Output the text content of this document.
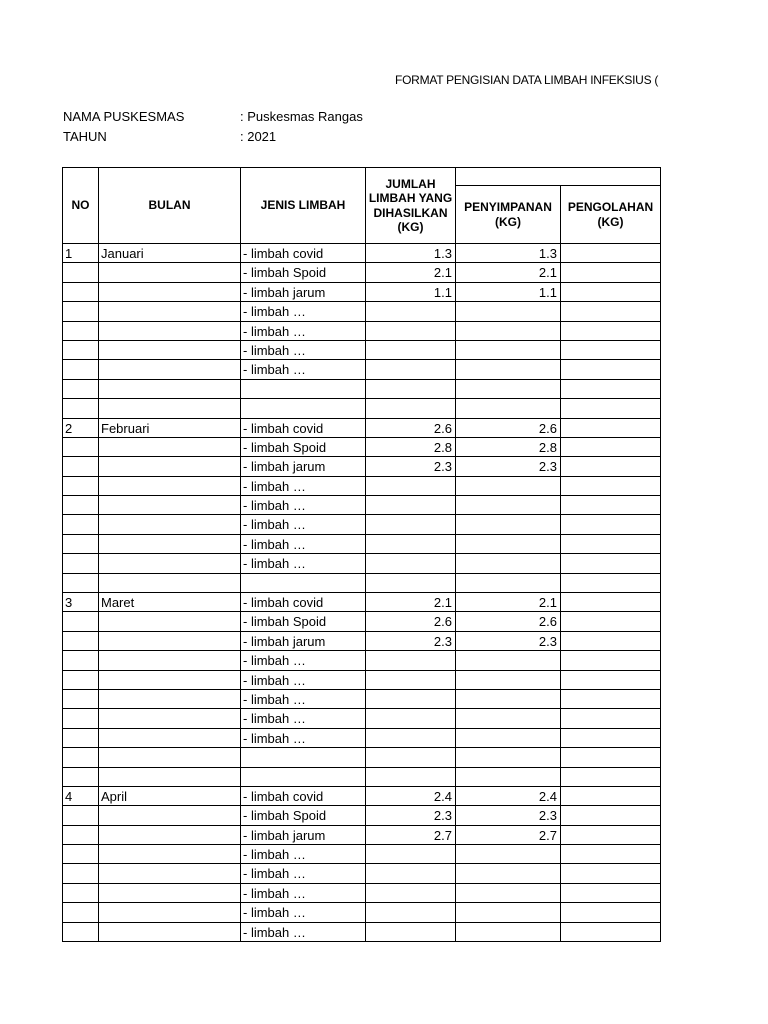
FORMAT PENGISIAN DATA LIMBAH INFEKSIUS (
NAMA PUSKESMAS	: Puskesmas Rangas
TAHUN	: 2021
NO	BULAN	JENIS LIMBAH	JUMLAH LIMBAH YANG DIHASILKAN (KG)		
				PENYIMPANAN (KG)	PENGOLAHAN (KG)
1	Januari	- limbah covid	1.3	1.3	
		- limbah Spoid	2.1	2.1	
		- limbah jarum	1.1	1.1	
		- limbah …			
		- limbah …			
		- limbah …			
		- limbah …			

2	Februari	- limbah covid	2.6	2.6	
		- limbah Spoid	2.8	2.8	
		- limbah jarum	2.3	2.3	
		- limbah …			
		- limbah …			
		- limbah …			
		- limbah …			
		- limbah …			

3	Maret	- limbah covid	2.1	2.1	
		- limbah Spoid	2.6	2.6	
		- limbah jarum	2.3	2.3	
		- limbah …			
		- limbah …			
		- limbah …			
		- limbah …			
		- limbah …			

4	April	- limbah covid	2.4	2.4	
		- limbah Spoid	2.3	2.3	
		- limbah jarum	2.7	2.7	
		- limbah …			
		- limbah …			
		- limbah …			
		- limbah …			
		- limbah …			
